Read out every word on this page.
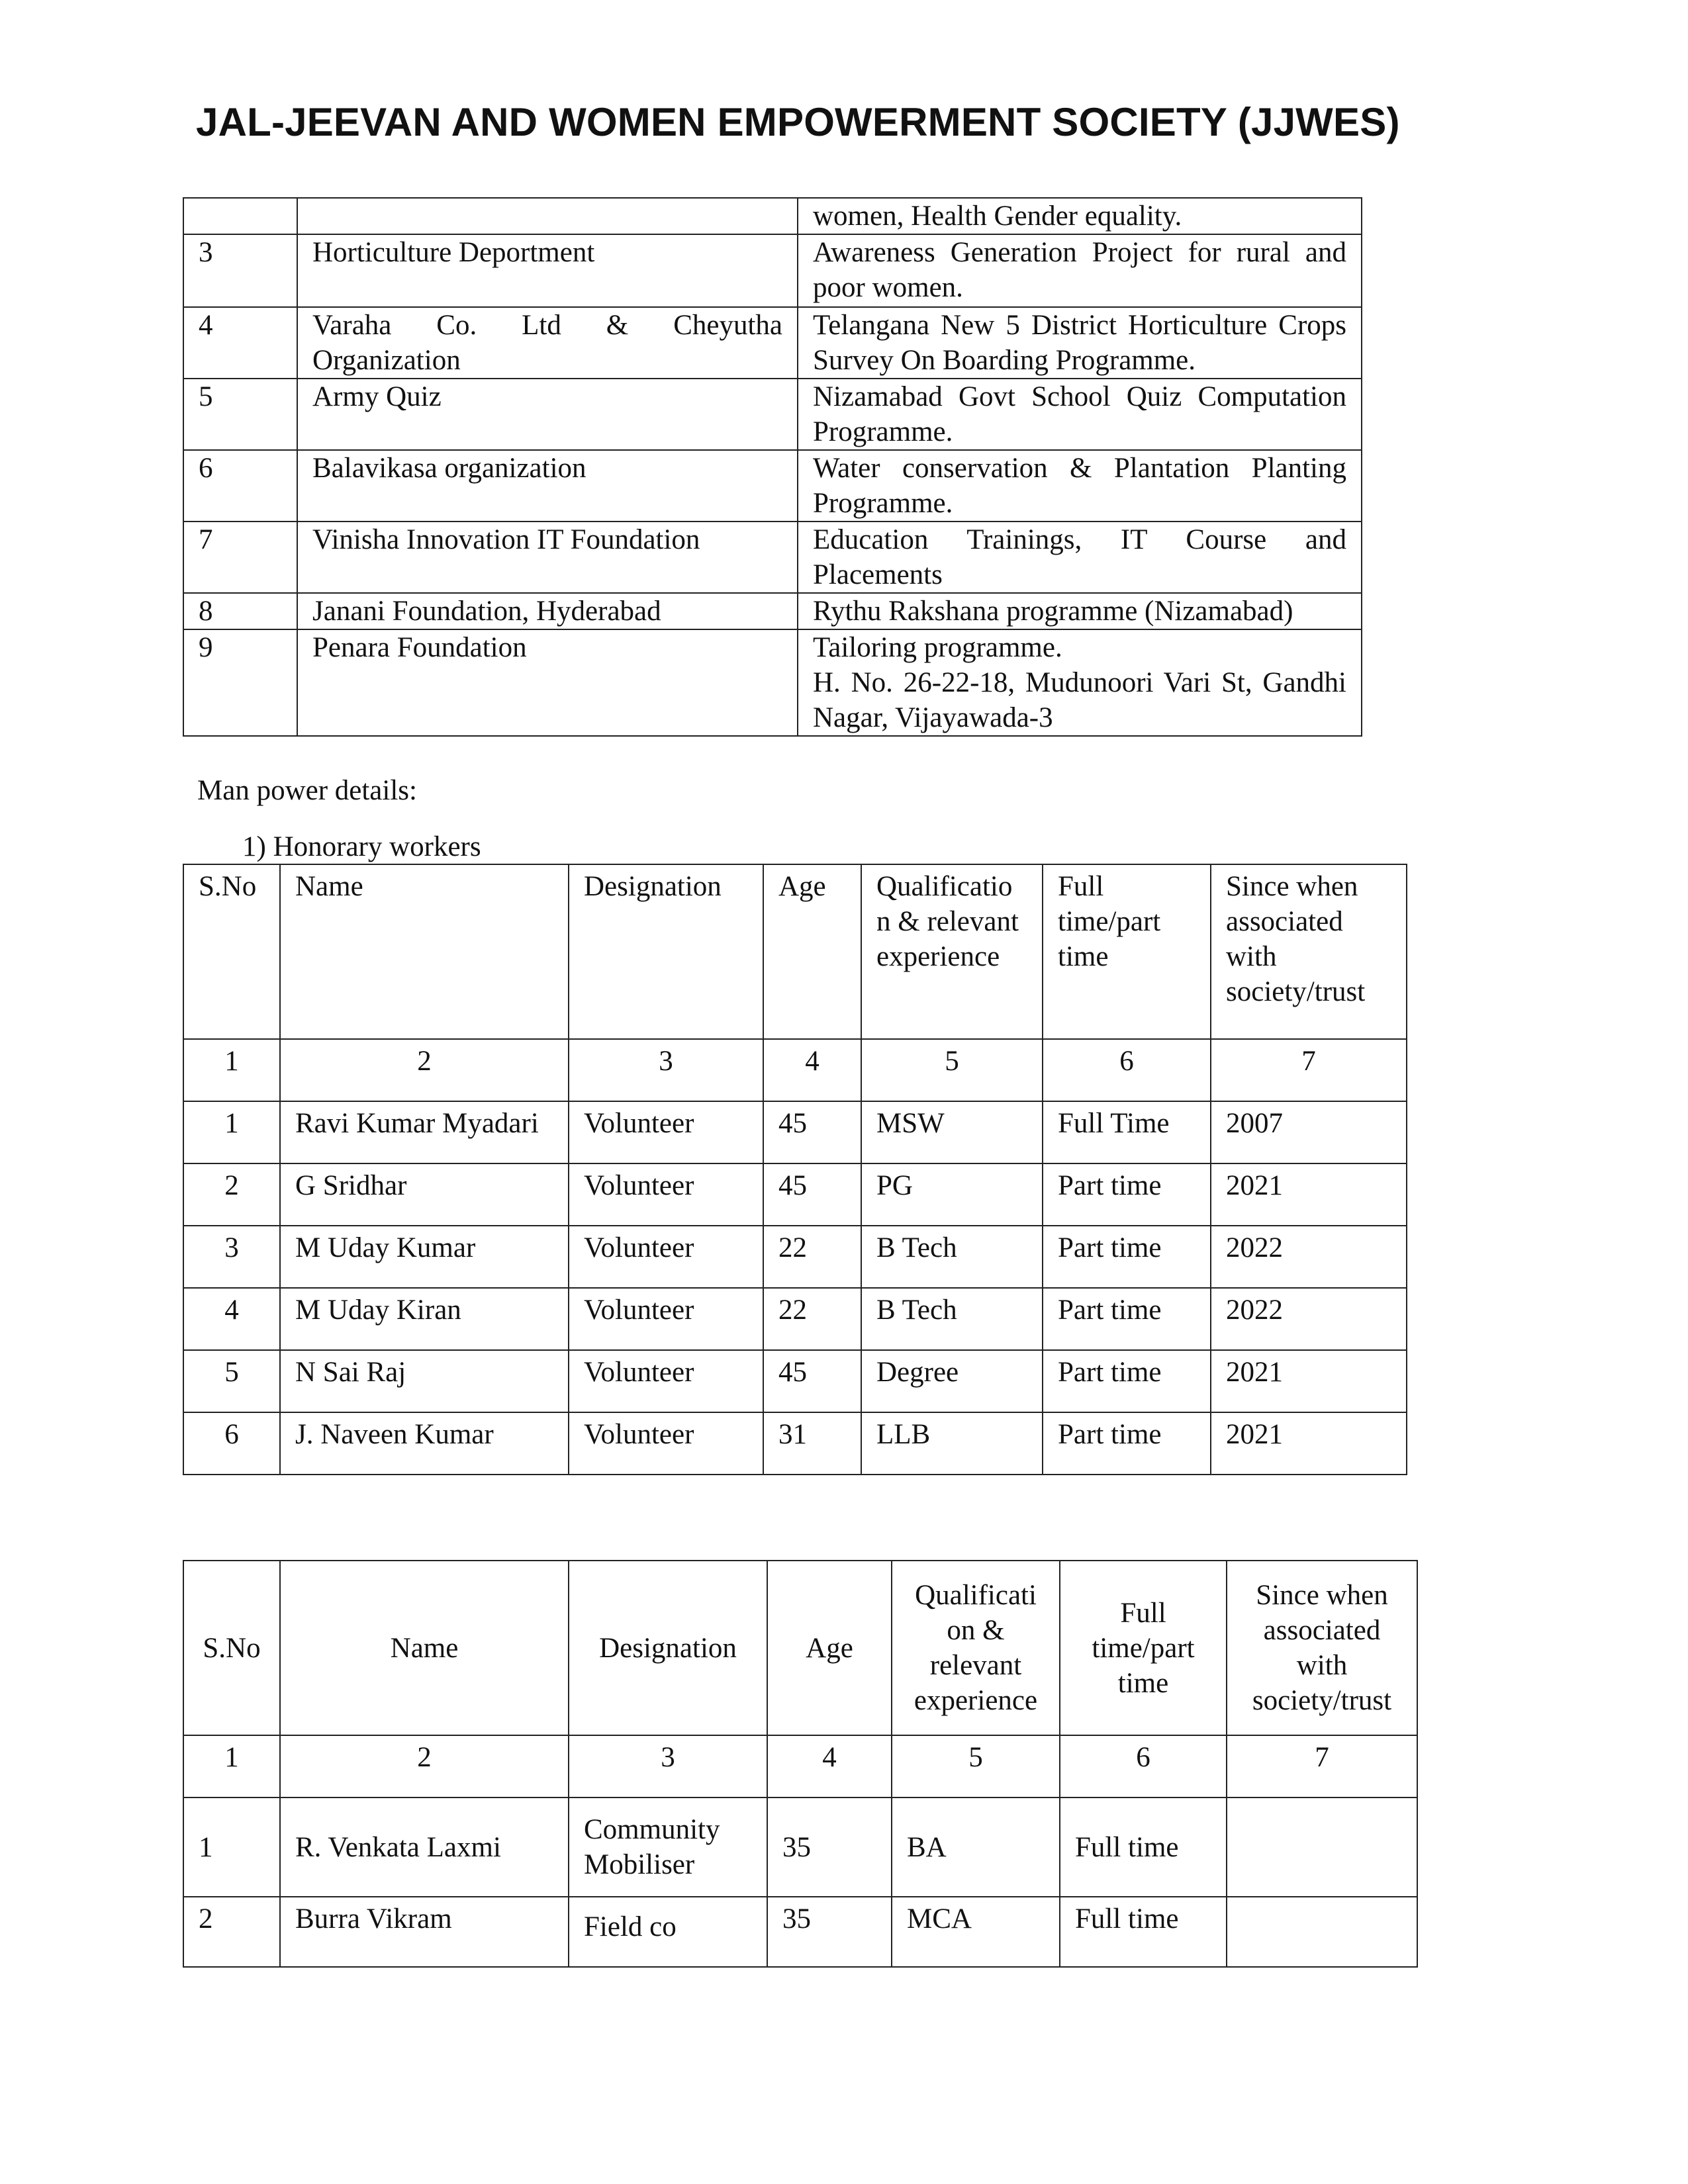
JAL-JEEVAN AND WOMEN EMPOWERMENT SOCIETY (JJWES)
		women, Health Gender equality.
3	Horticulture Deportment	Awareness Generation Project for rural and poor women.
4	Varaha Co. Ltd & Cheyutha Organization	Telangana New 5 District Horticulture Crops Survey On Boarding Programme.
5	Army Quiz	Nizamabad Govt School Quiz Computation Programme.
6	Balavikasa organization	Water conservation & Plantation Planting Programme.
7	Vinisha Innovation IT Foundation	Education Trainings, IT Course and Placements
8	Janani Foundation, Hyderabad	Rythu Rakshana programme (Nizamabad)
9	Penara Foundation	Tailoring programme.
H. No. 26-22-18, Mudunoori Vari St, Gandhi Nagar, Vijayawada-3
Man power details:
1) Honorary workers
S.No	Name	Designation	Age	Qualificatio n & relevant experience	Full time/part time	Since when associated with society/trust
1	2	3	4	5	6	7
1	Ravi Kumar Myadari	Volunteer	45	MSW	Full Time	2007
2	G Sridhar	Volunteer	45	PG	Part time	2021
3	M Uday Kumar	Volunteer	22	B Tech	Part time	2022
4	M Uday Kiran	Volunteer	22	B Tech	Part time	2022
5	N Sai Raj	Volunteer	45	Degree	Part time	2021
6	J. Naveen Kumar	Volunteer	31	LLB	Part time	2021
S.No	Name	Designation	Age	Qualificati on & relevant experience	Full time/part time	Since when associated with society/trust
1	2	3	4	5	6	7
1	R. Venkata Laxmi	Community Mobiliser	35	BA	Full time	
2	Burra Vikram	Field co	35	MCA	Full time	
